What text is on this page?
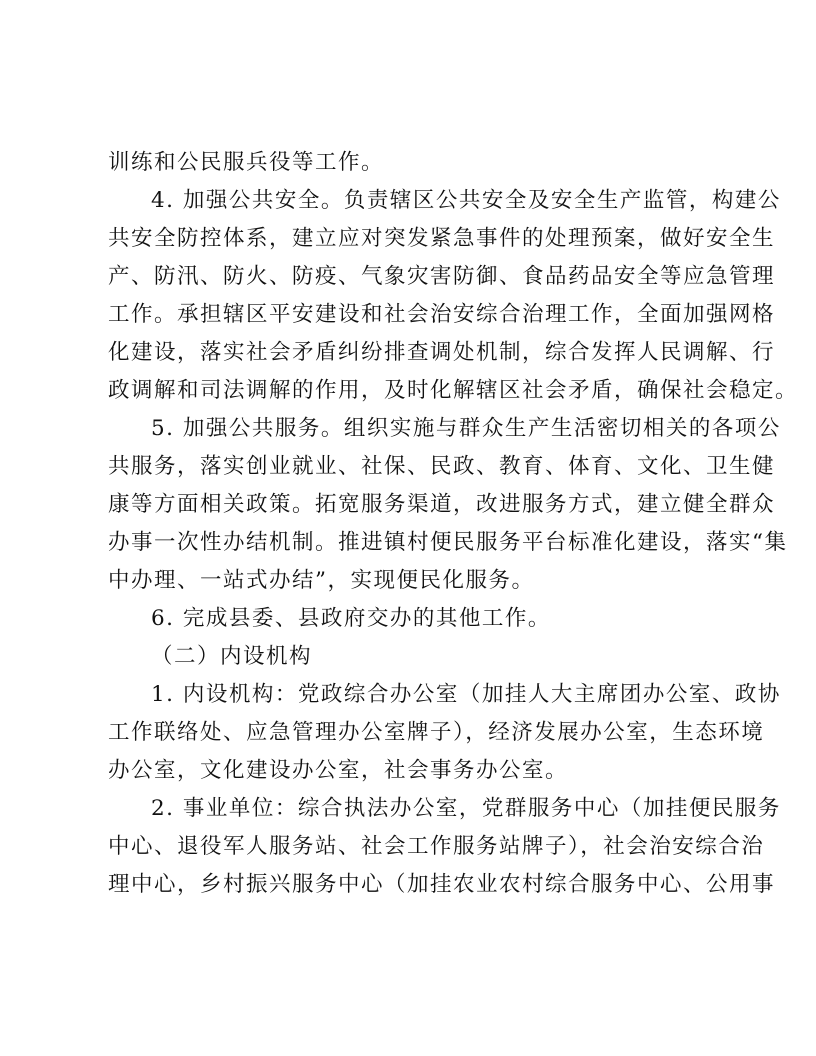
训练和公民服兵役等工作。
4. 加强公共安全。负责辖区公共安全及安全生产监管，构建公
共安全防控体系，建立应对突发紧急事件的处理预案，做好安全生
产、防汛、防火、防疫、气象灾害防御、食品药品安全等应急管理
工作。承担辖区平安建设和社会治安综合治理工作，全面加强网格
化建设，落实社会矛盾纠纷排查调处机制，综合发挥人民调解、行
政调解和司法调解的作用，及时化解辖区社会矛盾，确保社会稳定。
5. 加强公共服务。组织实施与群众生产生活密切相关的各项公
共服务，落实创业就业、社保、民政、教育、体育、文化、卫生健
康等方面相关政策。拓宽服务渠道，改进服务方式，建立健全群众
办事一次性办结机制。推进镇村便民服务平台标准化建设，落实“集
中办理、一站式办结”，实现便民化服务。
6. 完成县委、县政府交办的其他工作。
（二）内设机构
1. 内设机构：党政综合办公室（加挂人大主席团办公室、政协
工作联络处、应急管理办公室牌子），经济发展办公室，生态环境
办公室，文化建设办公室，社会事务办公室。
2. 事业单位：综合执法办公室，党群服务中心（加挂便民服务
中心、退役军人服务站、社会工作服务站牌子），社会治安综合治
理中心，乡村振兴服务中心（加挂农业农村综合服务中心、公用事
